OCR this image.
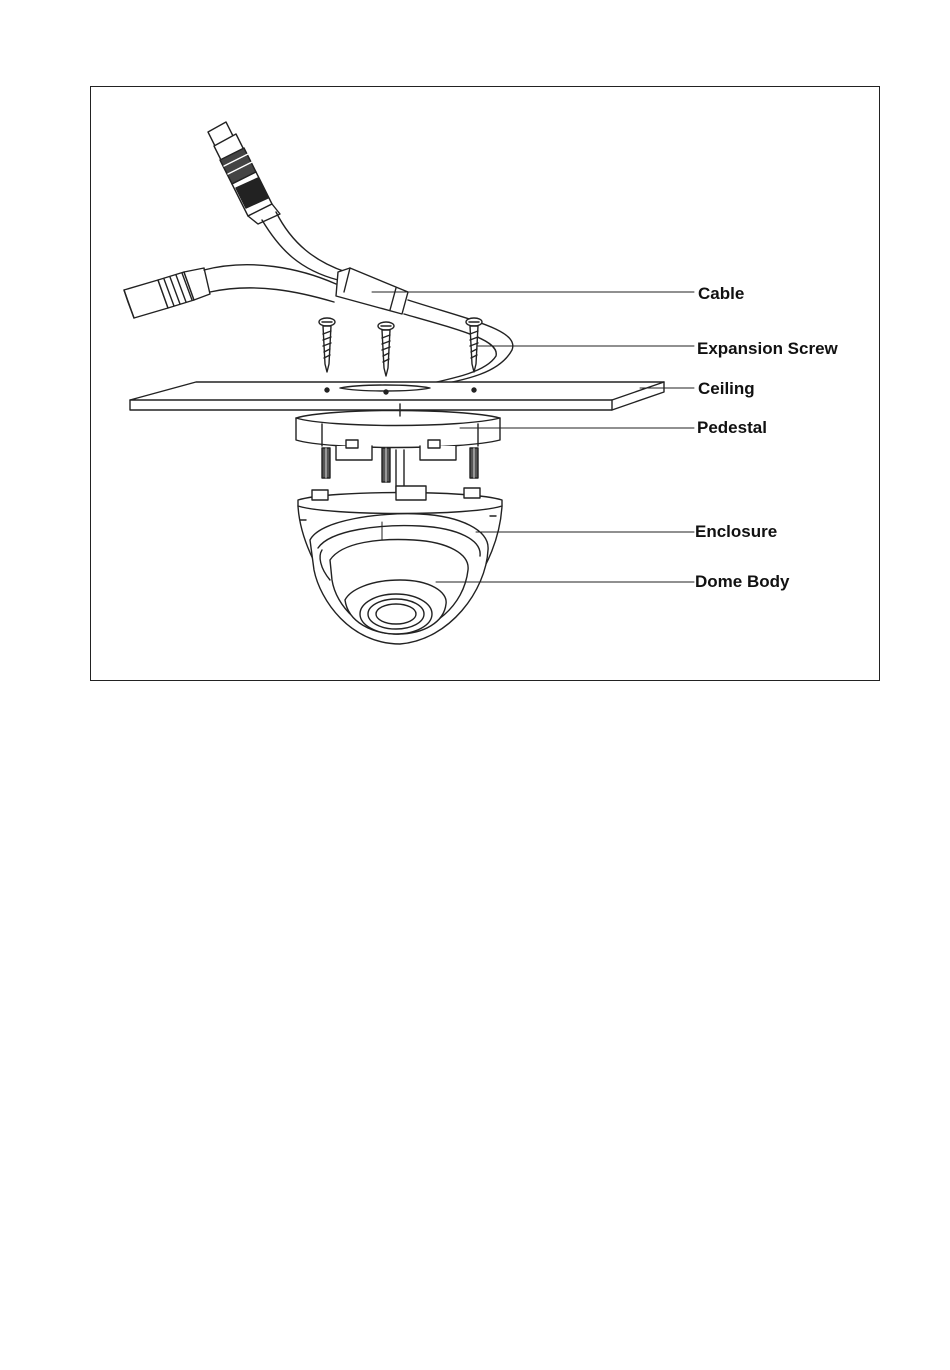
Cable
Expansion Screw
Ceiling
Pedestal
Enclosure
Dome Body
